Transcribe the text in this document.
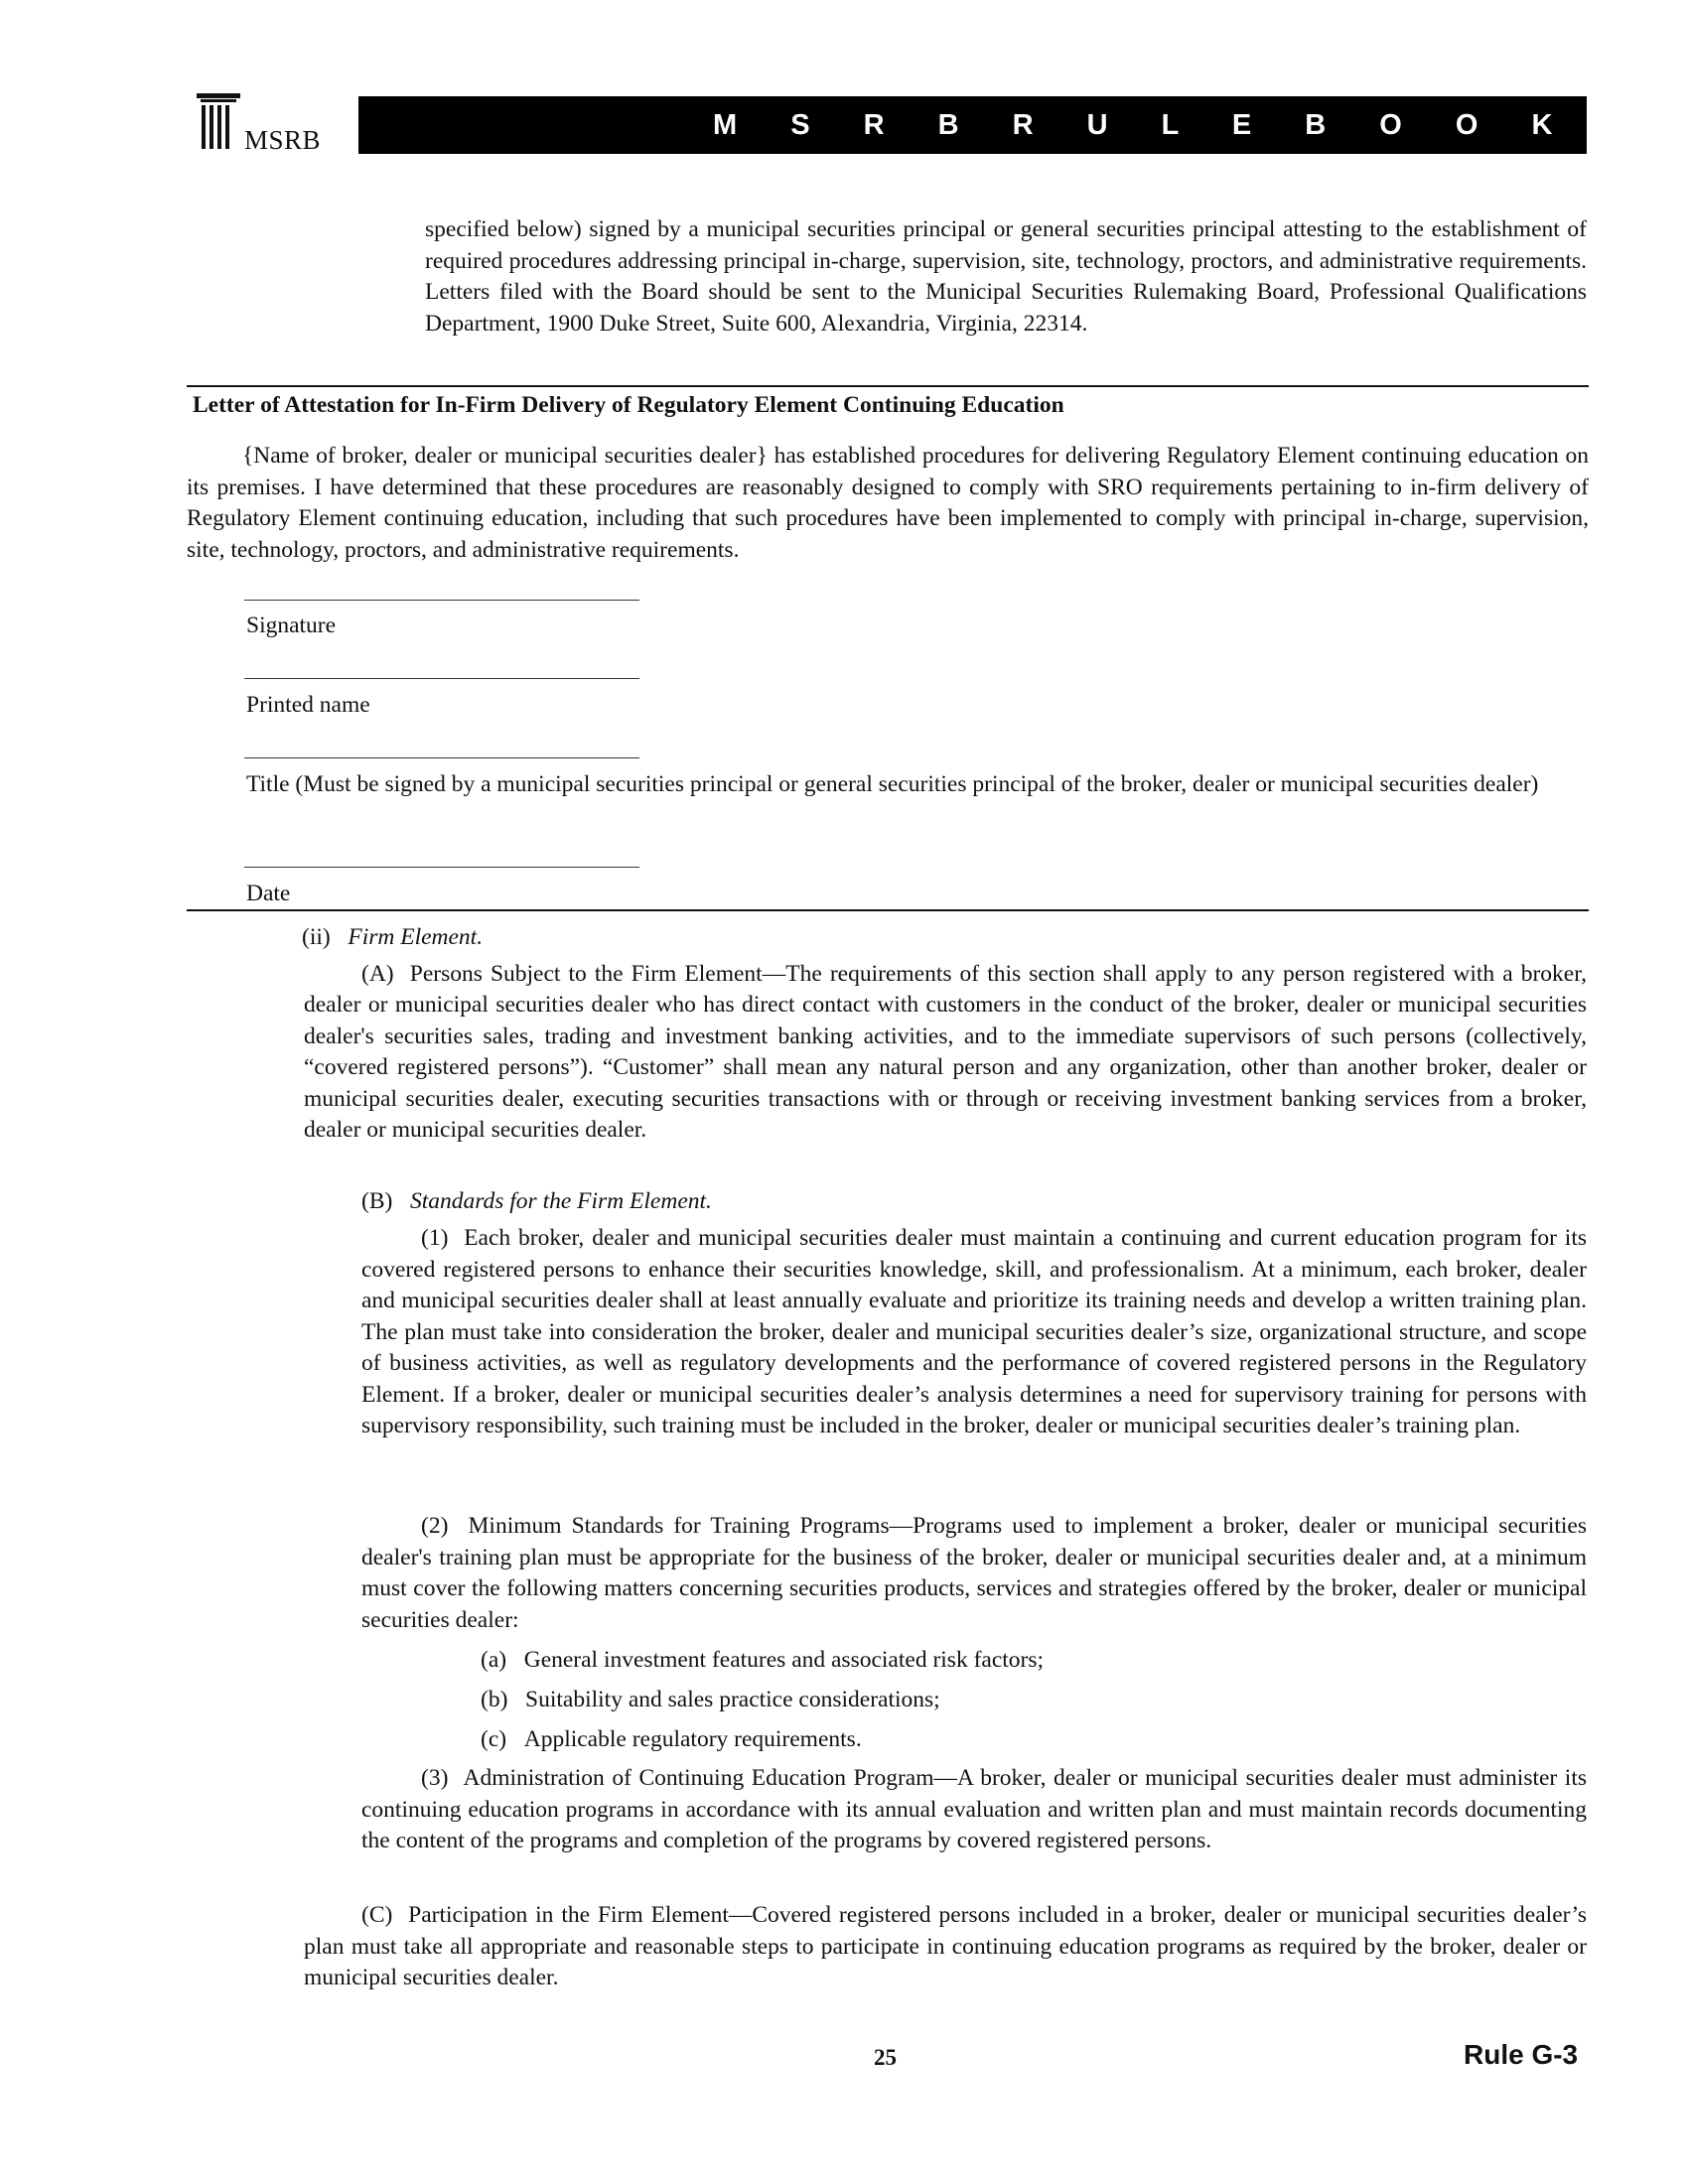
MSRB	M S R B R U L E B O O K
specified below) signed by a municipal securities principal or general securities principal attesting to the establishment of required procedures addressing principal in-charge, supervision, site, technology, proctors, and administrative requirements. Letters filed with the Board should be sent to the Municipal Securities Rulemaking Board, Professional Qualifications Department, 1900 Duke Street, Suite 600, Alexandria, Virginia, 22314.
Letter of Attestation for In-Firm Delivery of Regulatory Element Continuing Education
{Name of broker, dealer or municipal securities dealer} has established procedures for delivering Regulatory Element continuing education on its premises. I have determined that these procedures are reasonably designed to comply with SRO requirements pertaining to in-firm delivery of Regulatory Element continuing education, including that such procedures have been implemented to comply with principal in-charge, supervision, site, technology, proctors, and administrative requirements.
Signature
Printed name
Title (Must be signed by a municipal securities principal or general securities principal of the broker, dealer or municipal securities dealer)
Date
(ii) Firm Element.
(A) Persons Subject to the Firm Element—The requirements of this section shall apply to any person registered with a broker, dealer or municipal securities dealer who has direct contact with customers in the conduct of the broker, dealer or municipal securities dealer's securities sales, trading and investment banking activities, and to the immediate supervisors of such persons (collectively, “covered registered persons”). “Customer” shall mean any natural person and any organization, other than another broker, dealer or municipal securities dealer, executing securities transactions with or through or receiving investment banking services from a broker, dealer or municipal securities dealer.
(B) Standards for the Firm Element.
(1) Each broker, dealer and municipal securities dealer must maintain a continuing and current education program for its covered registered persons to enhance their securities knowledge, skill, and professionalism. At a minimum, each broker, dealer and municipal securities dealer shall at least annually evaluate and prioritize its training needs and develop a written training plan. The plan must take into consideration the broker, dealer and municipal securities dealer’s size, organizational structure, and scope of business activities, as well as regulatory developments and the performance of covered registered persons in the Regulatory Element. If a broker, dealer or municipal securities dealer’s analysis determines a need for supervisory training for persons with supervisory responsibility, such training must be included in the broker, dealer or municipal securities dealer’s training plan.
(2) Minimum Standards for Training Programs—Programs used to implement a broker, dealer or municipal securities dealer's training plan must be appropriate for the business of the broker, dealer or municipal securities dealer and, at a minimum must cover the following matters concerning securities products, services and strategies offered by the broker, dealer or municipal securities dealer:
(a) General investment features and associated risk factors;
(b) Suitability and sales practice considerations;
(c) Applicable regulatory requirements.
(3) Administration of Continuing Education Program—A broker, dealer or municipal securities dealer must administer its continuing education programs in accordance with its annual evaluation and written plan and must maintain records documenting the content of the programs and completion of the programs by covered registered persons.
(C) Participation in the Firm Element—Covered registered persons included in a broker, dealer or municipal securities dealer’s plan must take all appropriate and reasonable steps to participate in continuing education programs as required by the broker, dealer or municipal securities dealer.
25	Rule G-3
